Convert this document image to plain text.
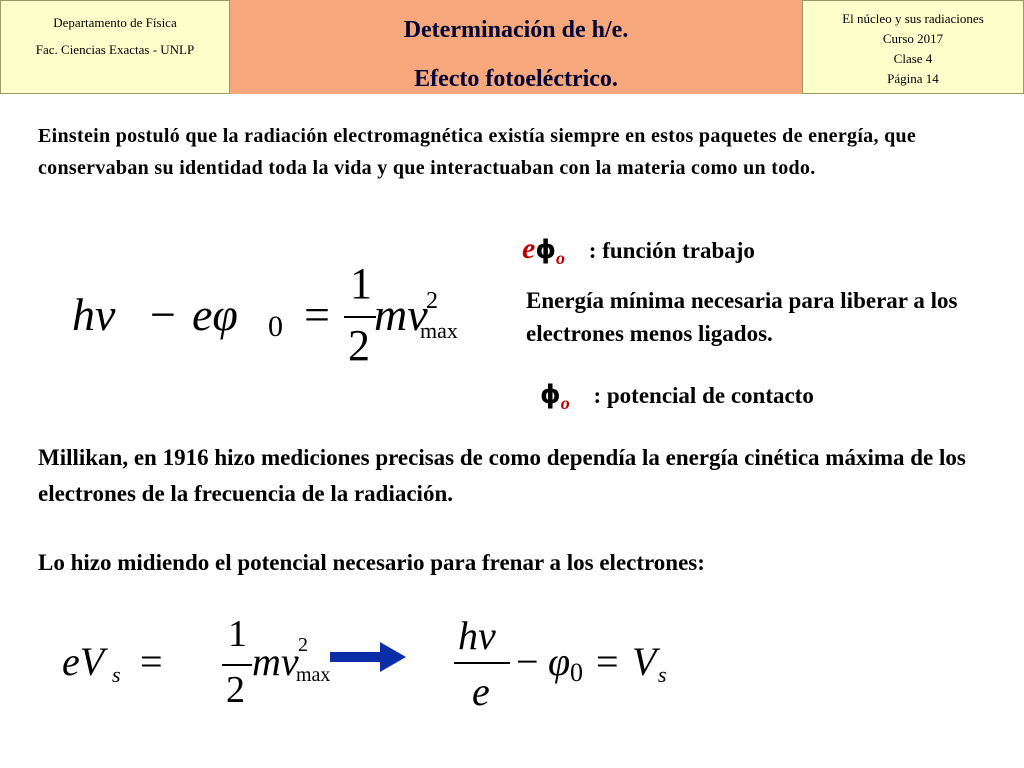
Departamento de Física
Fac. Ciencias Exactas - UNLP
Determinación de h/e.
Efecto fotoeléctrico.
El núcleo y sus radiaciones
Curso 2017
Clase 4
Página 14
Einstein postuló que la radiación electromagnética existía siempre en estos paquetes de energía, que conservaban su identidad toda la vida y que interactuaban con la materia como un todo.
hν − eφ 0 =
1
2
mv
2
max
$e\phi_o$ : función trabajo
Energía mínima necesaria para liberar a los electrones menos ligados.
$\phi_o$ : potencial de contacto
Millikan, en 1916 hizo mediciones precisas de como dependía la energía cinética máxima de los electrones de la frecuencia de la radiación.
Lo hizo midiendo el potencial necesario para frenar a los electrones:
eV s =
1
2
mv 2
max
hν
e
− φ 0 = V s
